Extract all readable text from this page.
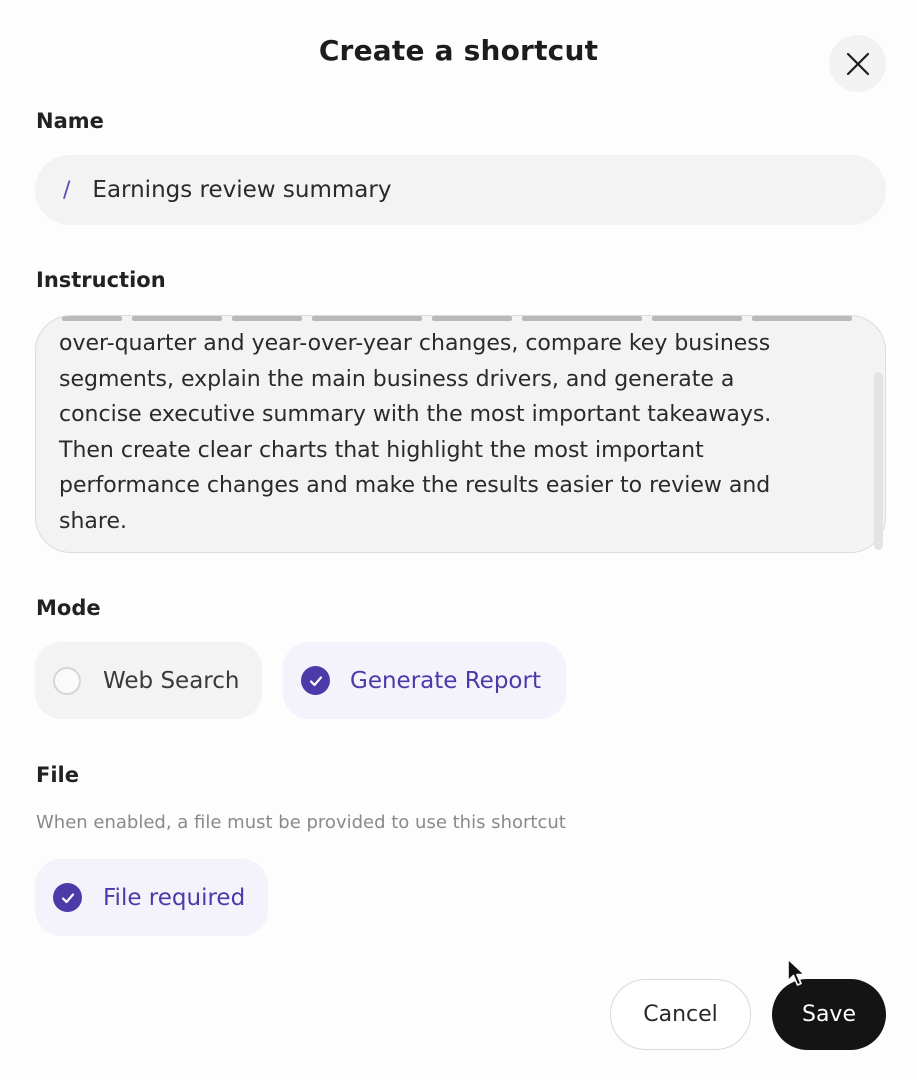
Create a shortcut
Name
/
Earnings review summary
Instruction
over-quarter and year-over-year changes, compare key business
segments, explain the main business drivers, and generate a
concise executive summary with the most important takeaways.
Then create clear charts that highlight the most important
performance changes and make the results easier to review and
share.
Mode
Web Search	Generate Report
File
When enabled, a file must be provided to use this shortcut
File required
Cancel	Save
